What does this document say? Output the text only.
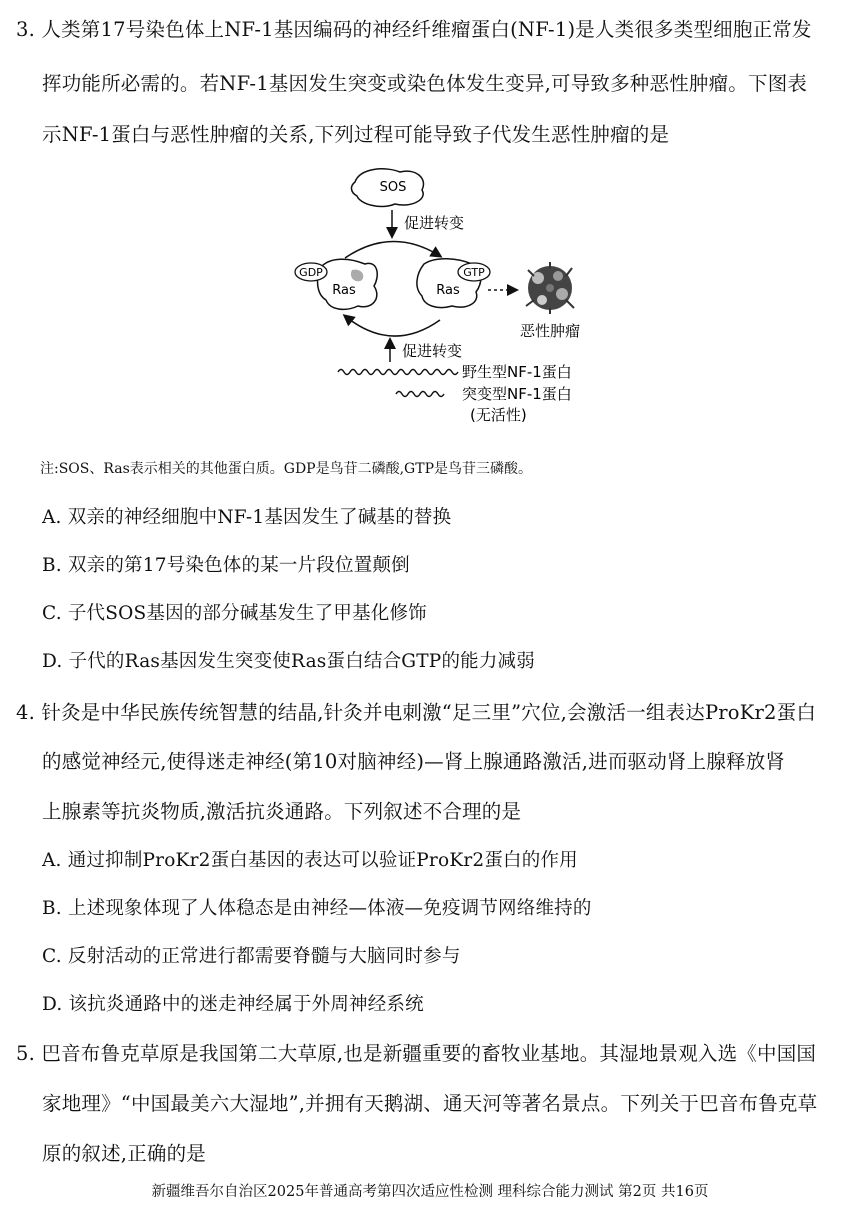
3. 人类第17号染色体上NF-1基因编码的神经纤维瘤蛋白(NF-1)是人类很多类型细胞正常发
挥功能所必需的。若NF-1基因发生突变或染色体发生变异,可导致多种恶性肿瘤。下图表
示NF-1蛋白与恶性肿瘤的关系,下列过程可能导致子代发生恶性肿瘤的是
SOS
促进转变
GDP
Ras
GTP
Ras
恶性肿瘤
促进转变
野生型NF-1蛋白
突变型NF-1蛋白
(无活性)
注:SOS、Ras表示相关的其他蛋白质。GDP是鸟苷二磷酸,GTP是鸟苷三磷酸。
A. 双亲的神经细胞中NF-1基因发生了碱基的替换
B. 双亲的第17号染色体的某一片段位置颠倒
C. 子代SOS基因的部分碱基发生了甲基化修饰
D. 子代的Ras基因发生突变使Ras蛋白结合GTP的能力减弱
4. 针灸是中华民族传统智慧的结晶,针灸并电刺激“足三里”穴位,会激活一组表达ProKr2蛋白
的感觉神经元,使得迷走神经(第10对脑神经)—肾上腺通路激活,进而驱动肾上腺释放肾
上腺素等抗炎物质,激活抗炎通路。下列叙述不合理的是
A. 通过抑制ProKr2蛋白基因的表达可以验证ProKr2蛋白的作用
B. 上述现象体现了人体稳态是由神经—体液—免疫调节网络维持的
C. 反射活动的正常进行都需要脊髓与大脑同时参与
D. 该抗炎通路中的迷走神经属于外周神经系统
5. 巴音布鲁克草原是我国第二大草原,也是新疆重要的畜牧业基地。其湿地景观入选《中国国
家地理》“中国最美六大湿地”,并拥有天鹅湖、通天河等著名景点。下列关于巴音布鲁克草
原的叙述,正确的是
新疆维吾尔自治区2025年普通高考第四次适应性检测 理科综合能力测试 第2页 共16页
